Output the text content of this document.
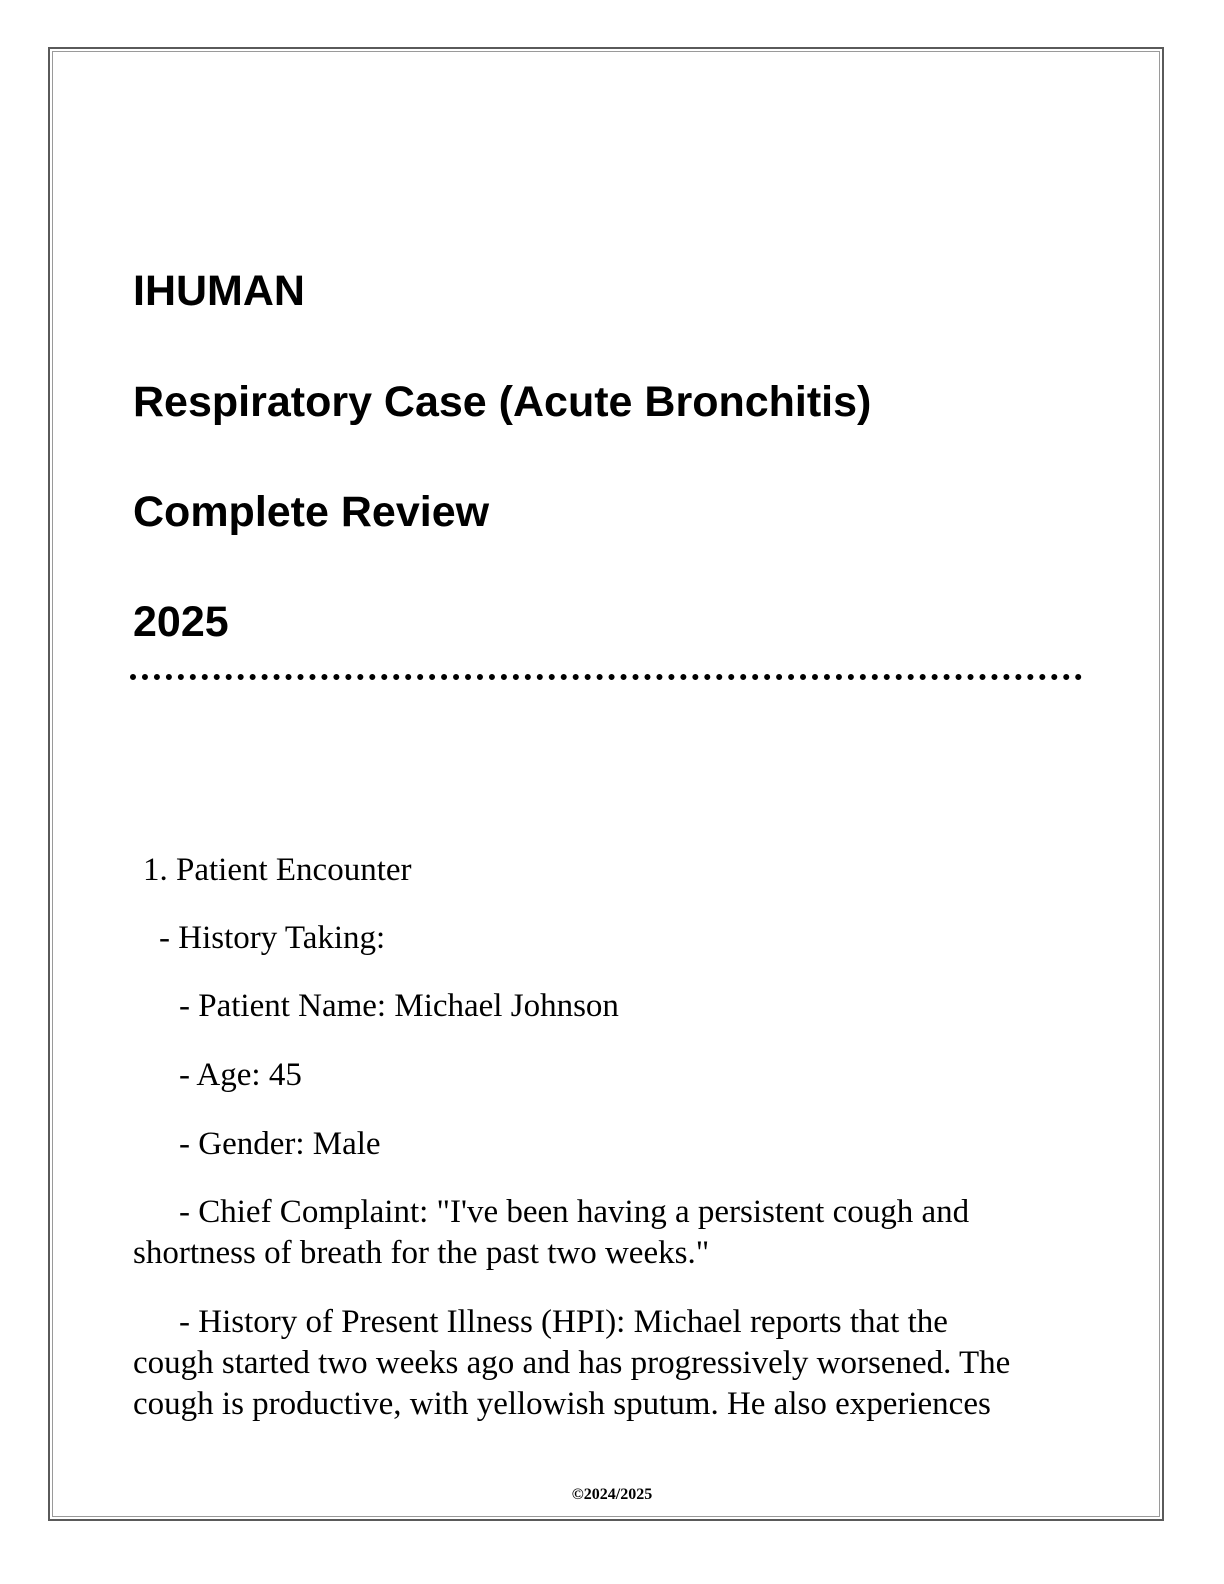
IHUMAN
Respiratory Case (Acute Bronchitis)
Complete Review
2025

1. Patient Encounter

- History Taking:

- Patient Name: Michael Johnson

- Age: 45

- Gender: Male

- Chief Complaint: "I've been having a persistent cough and
shortness of breath for the past two weeks."
- History of Present Illness (HPI): Michael reports that the
cough started two weeks ago and has progressively worsened. The
cough is productive, with yellowish sputum. He also experiences

©2024/2025
